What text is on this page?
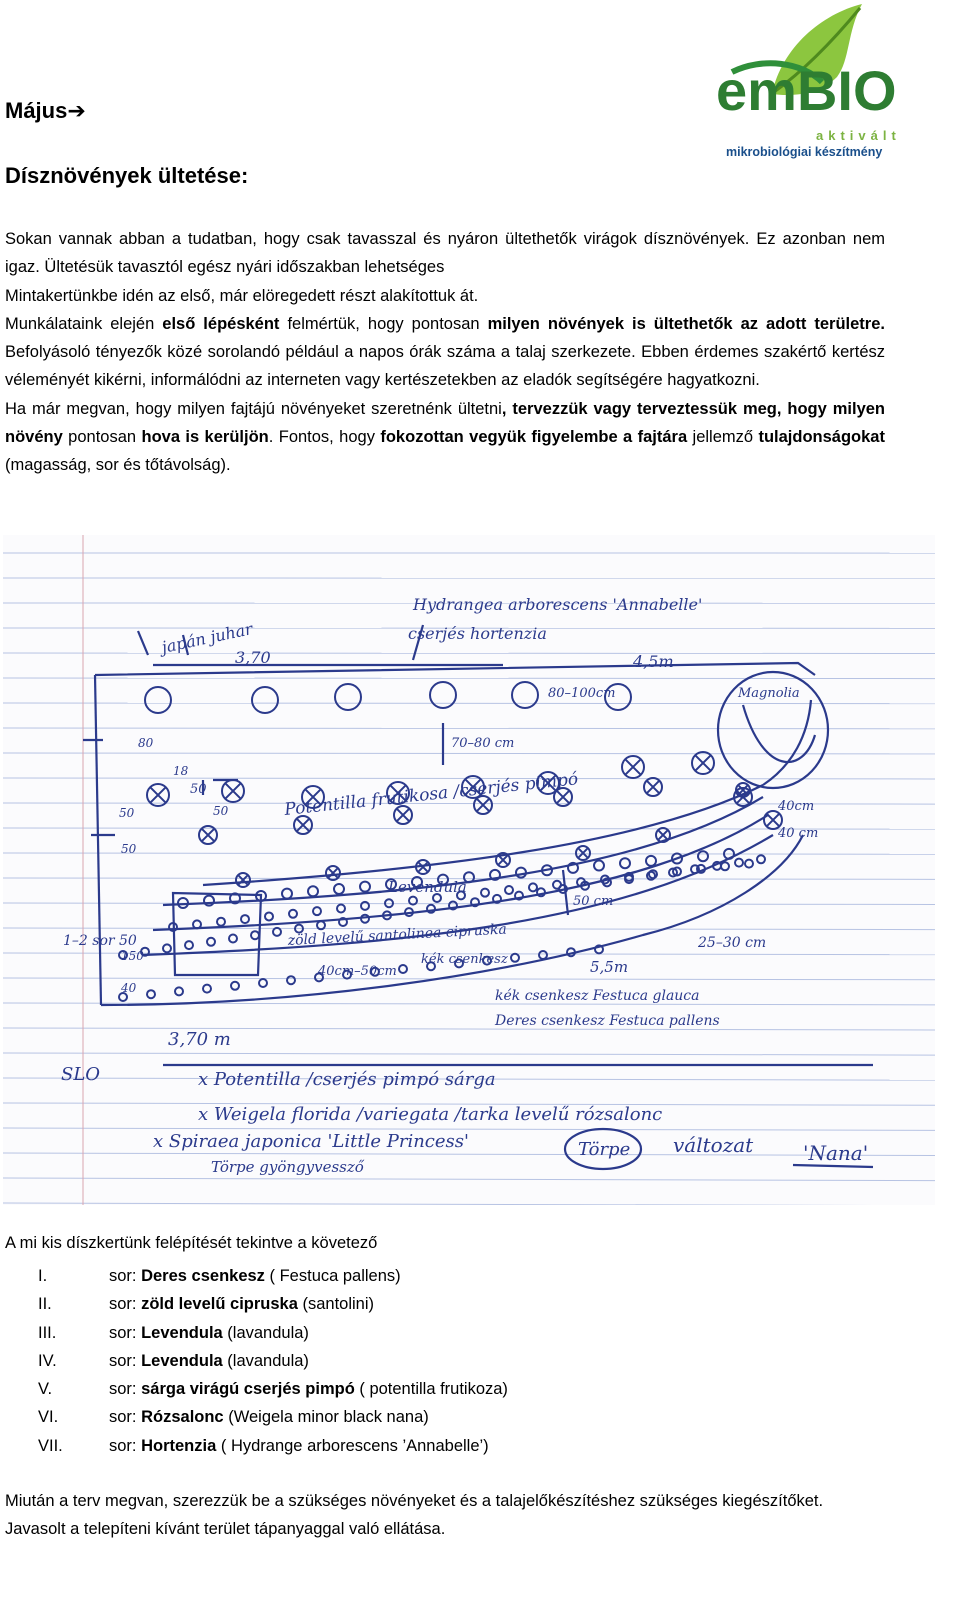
emBIO
aktivált
mikrobiológiai készítmény
Május➔
Dísznövények ültetése:

Sokan vannak abban a tudatban, hogy csak tavasszal és nyáron ültethetők virágok dísznövények. Ez azonban nem igaz. Ültetésük tavasztól egész nyári időszakban lehetséges

Mintakertünkbe idén az első, már elöregedett részt alakítottuk át.

Munkálataink elején első lépésként felmértük, hogy pontosan milyen növények is ültethetők az adott területre. Befolyásoló tényezők közé sorolandó például a napos órák száma a talaj szerkezete. Ebben érdemes szakértő kertész véleményét kikérni, informálódni az interneten vagy kertészetekben az eladók segítségére hagyatkozni.

Ha már megvan, hogy milyen fajtájú növényeket szeretnénk ültetni, tervezzük vagy terveztessük meg, hogy milyen növény pontosan hova is kerüljön. Fontos, hogy fokozottan vegyük figyelembe a fajtára jellemző tulajdonságokat (magasság, sor és tőtávolság).

Hydrangea arborescens 'Annabelle'
cserjés hortenzia
japán juhar
3,70	4,5m
80–100cm	Magnolia
70–80 cm
80
18
50
50
50
50
Potentilla frutikosa /cserjés pimpó	40cm
40 cm
Levendula
zöld levelű santolinea cipruska
50 cm
1–2 sor 50	25–30 cm
40cm–50cm
kék csenkesz	5,5m
kék csenkesz Festuca glauca
Deres csenkesz Festuca pallens
3,70 m
150
40
x Potentilla /cserjés pimpó sárga
x Weigela florida /variegata /tarka levelű rózsalonc
x Spiraea japonica 'Little Princess'
Törpe gyöngyvessző
Törpe változat 'Nana'
SLO
A mi kis díszkertünk felépítését tekintve a követező
I.	sor: Deres csenkesz ( Festuca pallens)
II.	sor: zöld levelű cipruska (santolini)
III.	sor: Levendula (lavandula)
IV.	sor: Levendula (lavandula)
V.	sor: sárga virágú cserjés pimpó ( potentilla frutikoza)
VI.	sor: Rózsalonc (Weigela minor black nana)
VII.	sor: Hortenzia ( Hydrange arborescens ’Annabelle’)

Miután a terv megvan, szerezzük be a szükséges növényeket és a talajelőkészítéshez szükséges kiegészítőket.

Javasolt a telepíteni kívánt terület tápanyaggal való ellátása.
